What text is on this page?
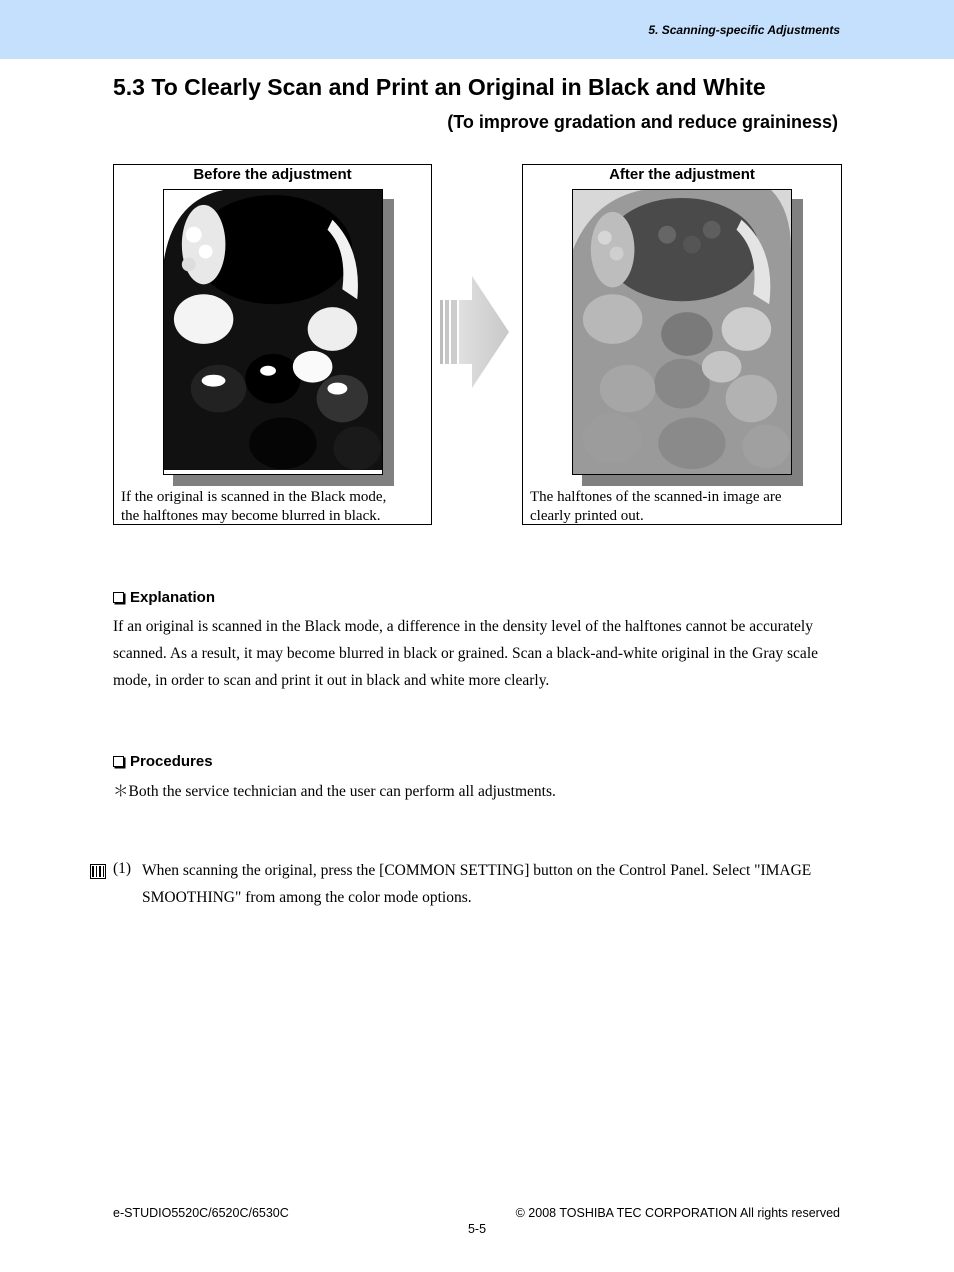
5. Scanning-specific Adjustments
5.3 To Clearly Scan and Print an Original in Black and White
(To improve gradation and reduce graininess)
Before the adjustment
If the original is scanned in the Black mode,
the halftones may become blurred in black.
After the adjustment
The halftones of the scanned-in image are
clearly printed out.
Explanation

If an original is scanned in the Black mode, a difference in the density level of the halftones cannot be accurately scanned. As a result, it may become blurred in black or grained. Scan a black-and-white original in the Gray scale mode, in order to scan and print it out in black and white more clearly.

Procedures

＊Both the service technician and the user can perform all adjustments.

(1) When scanning the original, press the [COMMON SETTING] button on the Control Panel. Select "IMAGE SMOOTHING" from among the color mode options.

e-STUDIO5520C/6520C/6530C	© 2008 TOSHIBA TEC CORPORATION All rights reserved
5-5
